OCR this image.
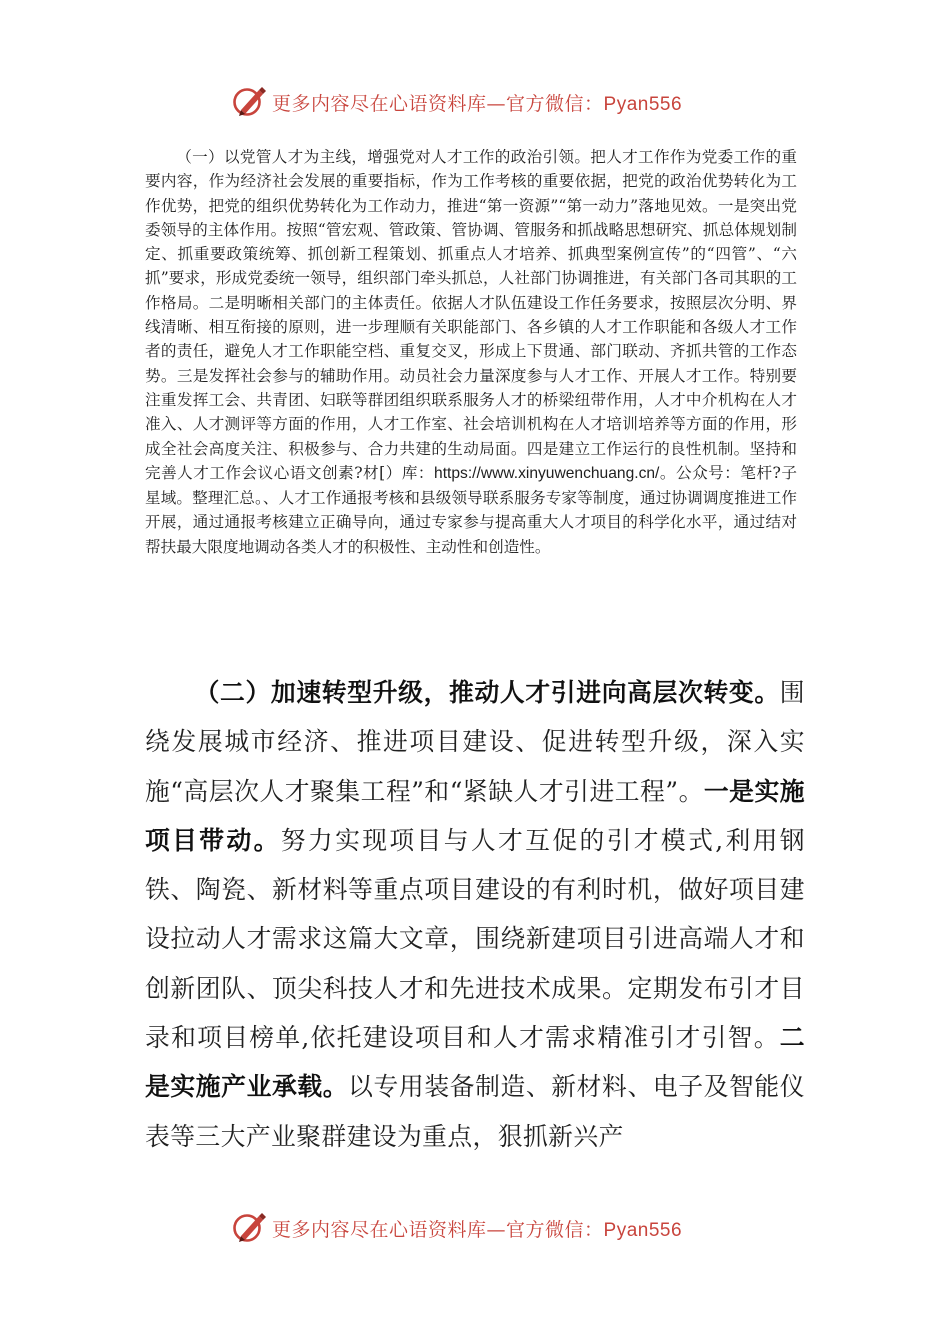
更多内容尽在心语资料库—官方微信：Pyan556

（一）以党管人才为主线，增强党对人才工作的政治引领。把人才工作作为党委工作的重要内容，作为经济社会发展的重要指标，作为工作考核的重要依据，把党的政治优势转化为工作优势，把党的组织优势转化为工作动力，推进“第一资源”“第一动力”落地见效。一是突出党委领导的主体作用。按照“管宏观、管政策、管协调、管服务和抓战略思想研究、抓总体规划制定、抓重要政策统筹、抓创新工程策划、抓重点人才培养、抓典型案例宣传”的“四管”、“六抓”要求，形成党委统一领导，组织部门牵头抓总，人社部门协调推进，有关部门各司其职的工作格局。二是明晰相关部门的主体责任。依据人才队伍建设工作任务要求，按照层次分明、界线清晰、相互衔接的原则，进一步理顺有关职能部门、各乡镇的人才工作职能和各级人才工作者的责任，避免人才工作职能空档、重复交叉，形成上下贯通、部门联动、齐抓共管的工作态势。三是发挥社会参与的辅助作用。动员社会力量深度参与人才工作、开展人才工作。特别要注重发挥工会、共青团、妇联等群团组织联系服务人才的桥梁纽带作用，人才中介机构在人才准入、人才测评等方面的作用，人才工作室、社会培训机构在人才培训培养等方面的作用，形成全社会高度关注、积极参与、合力共建的生动局面。四是建立工作运行的良性机制。坚持和完善人才工作会议心语文创素?材[）库：https://www.xinyuwenchuang.cn/。公众号：笔杆?子星域。整理汇总。、人才工作通报考核和县级领导联系服务专家等制度，通过协调调度推进工作开展，通过通报考核建立正确导向，通过专家参与提高重大人才项目的科学化水平，通过结对帮扶最大限度地调动各类人才的积极性、主动性和创造性。

（二）加速转型升级，推动人才引进向高层次转变。围绕发展城市经济、推进项目建设、促进转型升级，深入实施“高层次人才聚集工程”和“紧缺人才引进工程”。一是实施项目带动。努力实现项目与人才互促的引才模式,利用钢铁、陶瓷、新材料等重点项目建设的有利时机，做好项目建设拉动人才需求这篇大文章，围绕新建项目引进高端人才和创新团队、顶尖科技人才和先进技术成果。定期发布引才目录和项目榜单,依托建设项目和人才需求精准引才引智。二是实施产业承载。以专用装备制造、新材料、电子及智能仪表等三大产业聚群建设为重点，狠抓新兴产

更多内容尽在心语资料库—官方微信：Pyan556
